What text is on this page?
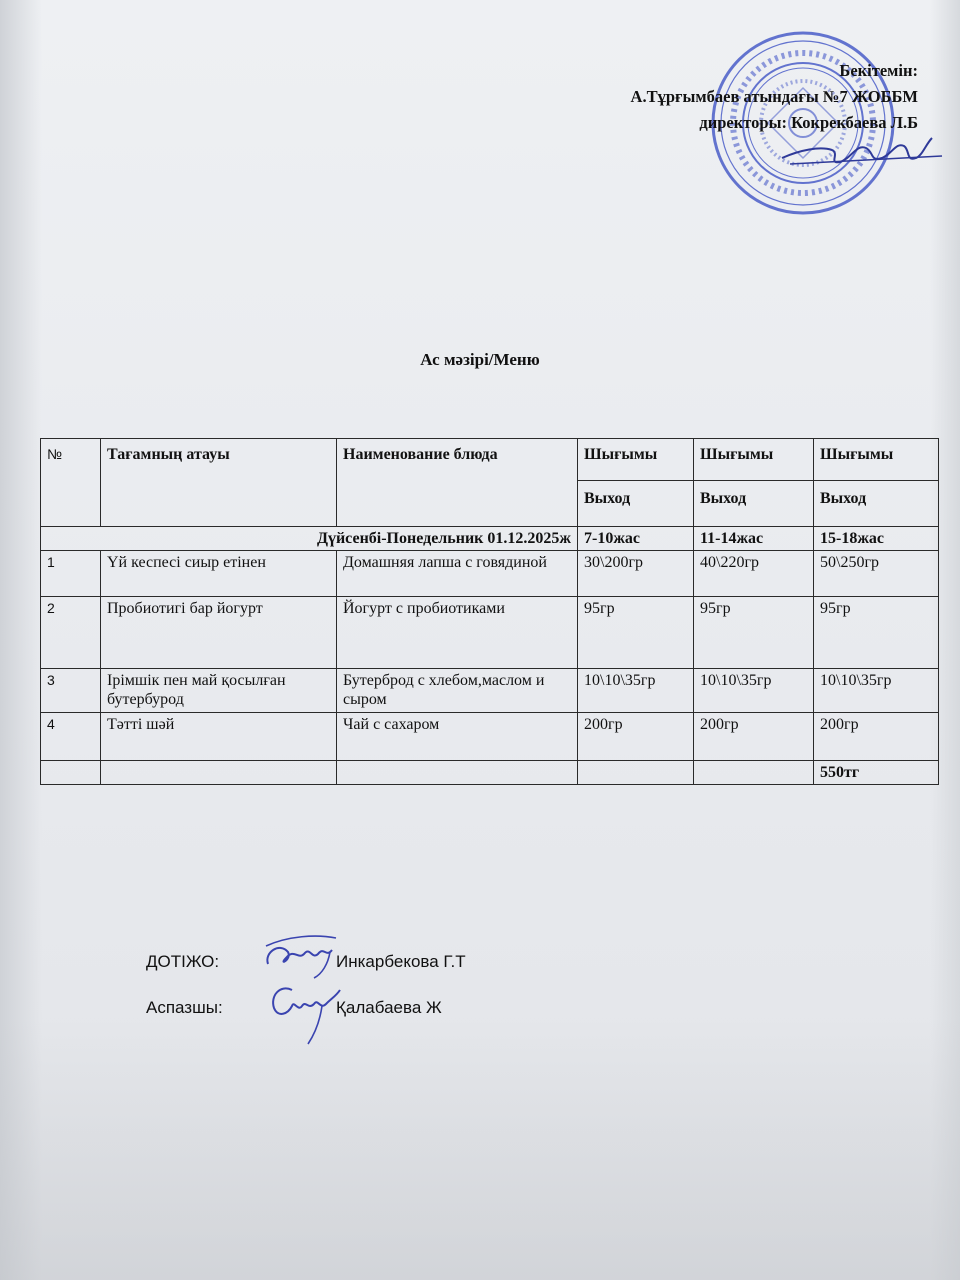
Бекітемін:
А.Тұрғымбаев атындағы №7 ЖОББМ
директоры: Кокрекбаева Л.Б
Ас мәзірі/Меню
№	Тағамның атауы	Наименование блюда	Шығымы	Шығымы	Шығымы
			Выход	Выход	Выход
Дүйсенбі-Понедельник 01.12.2025ж			7-10жас	11-14жас	15-18жас
1	Үй кеспесі сиыр етінен	Домашняя лапша с говядиной	30\200гр	40\220гр	50\250гр
2	Пробиотигі бар йогурт	Йогурт с пробиотиками	95гр	95гр	95гр
3	Ірімшік пен май қосылған бутербурод	Бутерброд с хлебом,маслом и сыром	10\10\35гр	10\10\35гр	10\10\35гр
4	Тәтті шәй	Чай с сахаром	200гр	200гр	200гр
					550тг
ДОТІЖО:	Инкарбекова Г.Т
Аспазшы:	Қалабаева Ж
